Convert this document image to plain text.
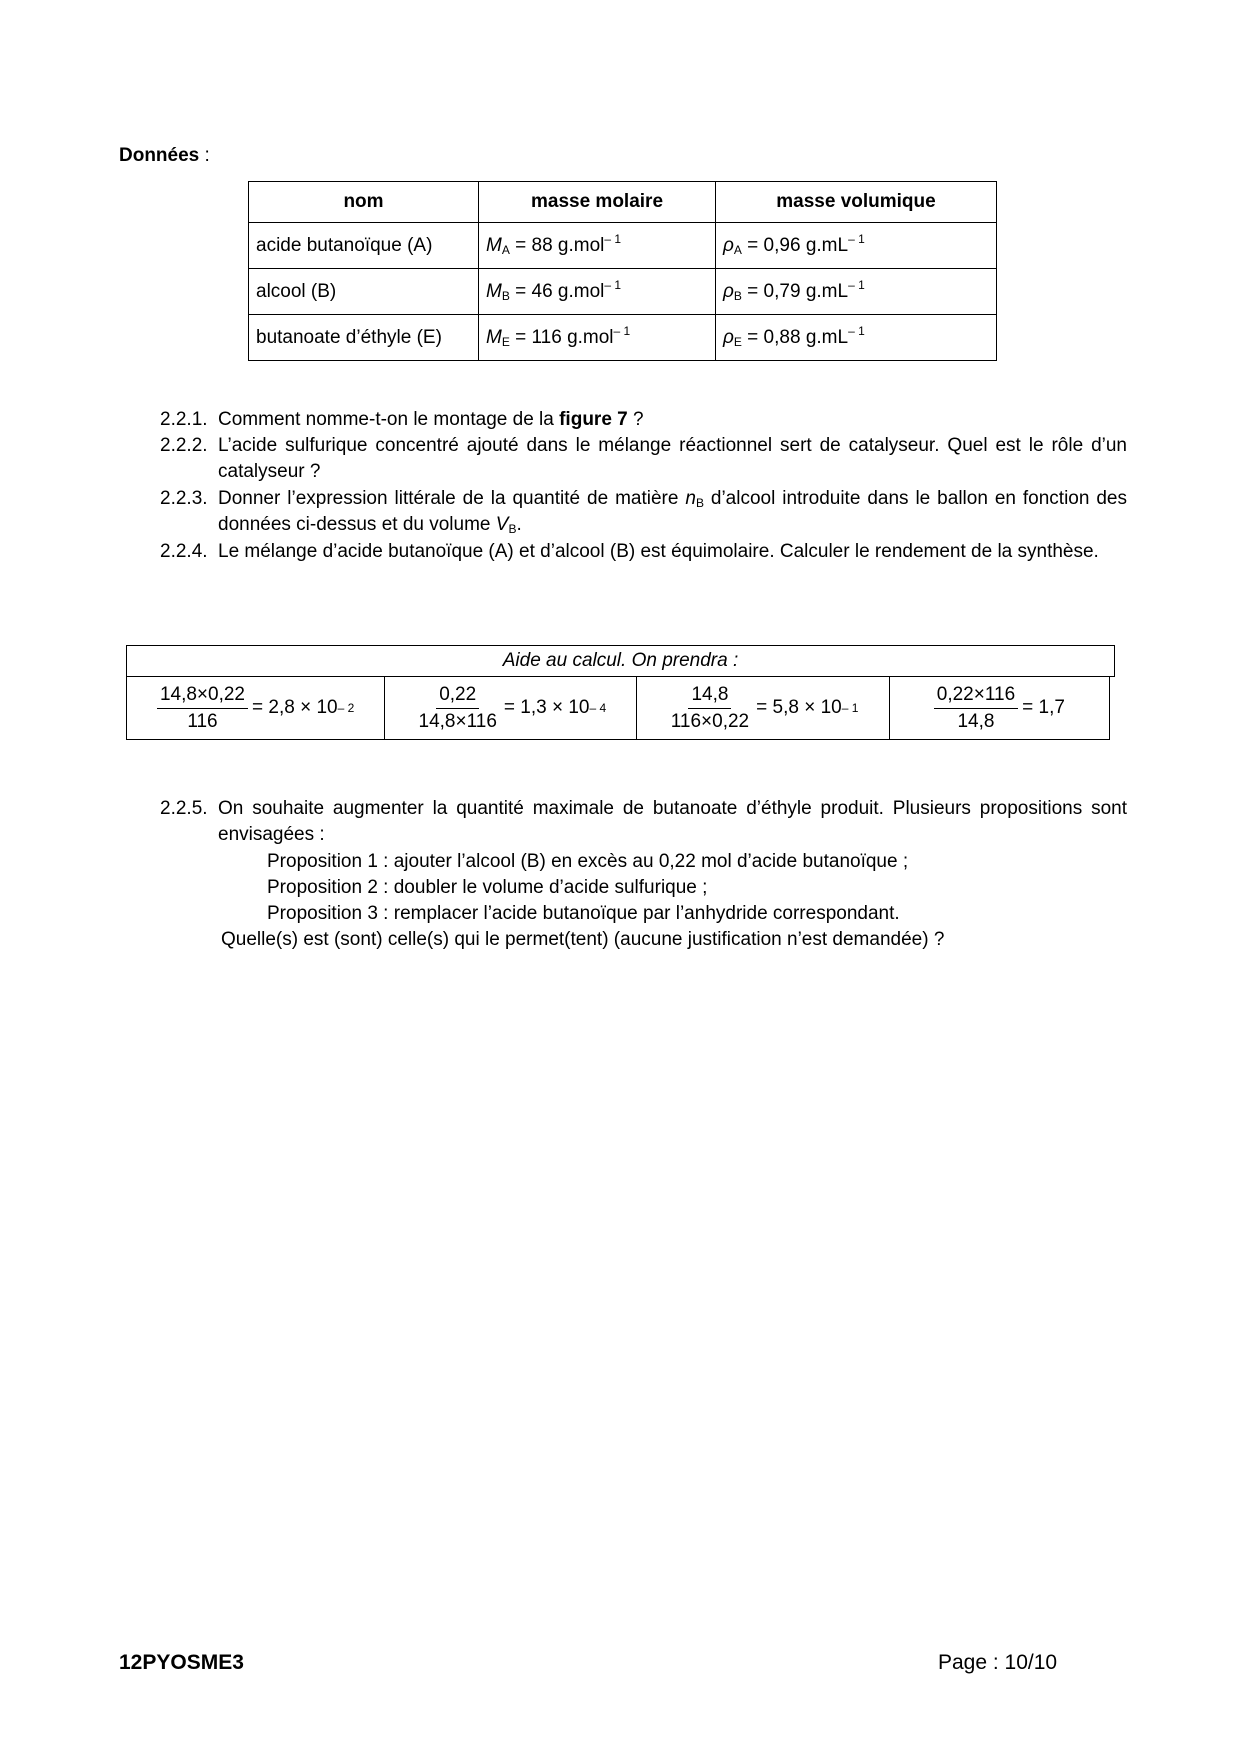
Données :
nom	masse molaire	masse volumique
acide butanoïque (A)	$M_A = 88$ g.mol$^{- 1}$	$\rho_A = 0,96$ $g.mL^{- 1}$
alcool (B)	$M_B = 46$ g.mol$^{- 1}$	$\rho_B = 0,79$ $g.mL^{- 1}$
butanoate d’éthyle (E)	$M_E = 116$ g.mol$^{- 1}$	$\rho_E = 0,88$ $g.mL^{- 1}$
2.2.1. Comment nomme-t-on le montage de la figure 7 ?
2.2.2. L’acide sulfurique concentré ajouté dans le mélange réactionnel sert de catalyseur. Quel est le rôle d’un catalyseur ?
2.2.3. Donner l’expression littérale de la quantité de matière $n_B$ d’alcool introduite dans le ballon en fonction des données ci-dessus et du volume $V_B$.
2.2.4. Le mélange d’acide butanoïque (A) et d’alcool (B) est équimolaire. Calculer le rendement de la synthèse.
Aide au calcul. On prendra :
$\frac{14,8\times 0,22}{116} = 2,8 \times 10 - 2$	$\frac{0,22}{14,8\times 116} = 1,3 \times 10 - 4$	$\frac{14,8}{116\times 0,22} = 5,8 \times 10 - 1$	$\frac{0,22\times 116}{14,8} = 1,7$
2.2.5. On souhaite augmenter la quantité maximale de butanoate d’éthyle produit. Plusieurs propositions sont envisagées :
Proposition 1 : ajouter l’alcool (B) en excès au 0,22 mol d’acide butanoïque ;
Proposition 2 : doubler le volume d’acide sulfurique ;
Proposition 3 : remplacer l’acide butanoïque par l’anhydride correspondant.
Quelle(s) est (sont) celle(s) qui le permet(tent) (aucune justification n’est demandée) ?
12PYOSME3	Page : 10/10
